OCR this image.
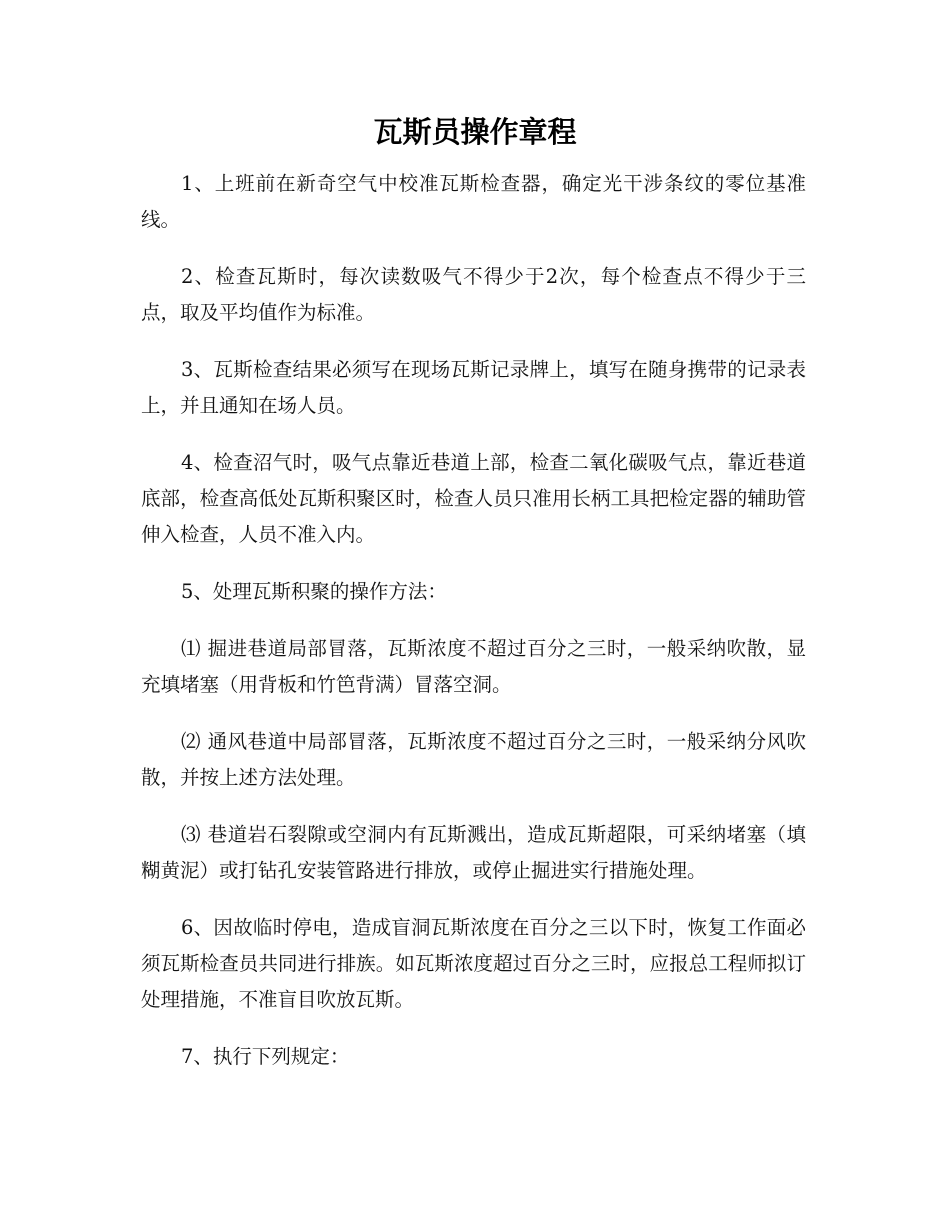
瓦斯员操作章程

1、上班前在新奇空气中校准瓦斯检查器，确定光干涉条纹的零位基准线。

2、检查瓦斯时，每次读数吸气不得少于2次，每个检查点不得少于三点，取及平均值作为标准。

3、瓦斯检查结果必须写在现场瓦斯记录牌上，填写在随身携带的记录表上，并且通知在场人员。

4、检查沼气时，吸气点靠近巷道上部，检查二氧化碳吸气点，靠近巷道底部，检查高低处瓦斯积聚区时，检查人员只准用长柄工具把检定器的辅助管伸入检查，人员不准入内。

5、处理瓦斯积聚的操作方法：

⑴ 掘进巷道局部冒落，瓦斯浓度不超过百分之三时，一般采纳吹散，显充填堵塞（用背板和竹笆背满）冒落空洞。

⑵ 通风巷道中局部冒落，瓦斯浓度不超过百分之三时，一般采纳分风吹散，并按上述方法处理。

⑶ 巷道岩石裂隙或空洞内有瓦斯溅出，造成瓦斯超限，可采纳堵塞（填糊黄泥）或打钻孔安装管路进行排放，或停止掘进实行措施处理。

6、因故临时停电，造成盲洞瓦斯浓度在百分之三以下时，恢复工作面必须瓦斯检查员共同进行排族。如瓦斯浓度超过百分之三时，应报总工程师拟订处理措施，不准盲目吹放瓦斯。

7、执行下列规定：
